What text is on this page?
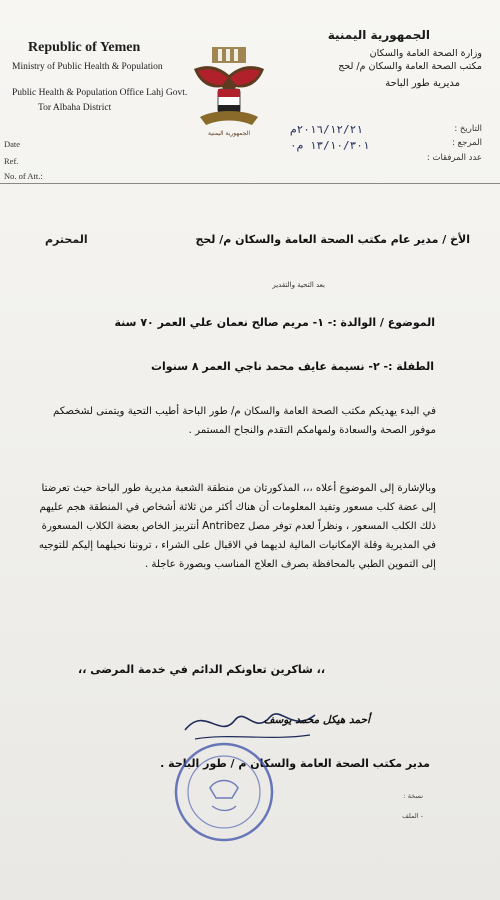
Republic of Yemen
Ministry of Public Health & Population
Public Health & Population Office Lahj Govt.
Tor Albaha District
Date
Ref.
No. of Att.:
الجمهورية اليمنية
الجمهورية اليمنية
وزارة الصحة العامة والسكان
مكتب الصحة العامة والسكان م/ لحج
مديرية طور الباحة
التاريخ :
المرجع :
عدد المرفقات :
٢٠١٦/١٢/٢١م
١٣/١٠/٣٠١ م٠
الأخ / مدير عام مكتب الصحة العامة والسكان م/ لحج
المحترم
بعد التحية والتقدير
الموضوع / الوالدة :- ١- مريم صالح نعمان علي العمر ٧٠ سنة
الطفلة :- ٢- نسيمة عايف محمد ناجي العمر ٨ سنوات
في البدء يهديكم مكتب الصحة العامة والسكان م/ طور الباحة أطيب التحية ويتمنى لشخصكم موفور الصحة والسعادة ولمهامكم التقدم والنجاح المستمر .
وبالإشارة إلى الموضوع أعلاه ،،، المذكورتان من منطقة الشعبة مديرية طور الباحة حيث تعرضتا إلى عضة كلب مسعور وتفيد المعلومات أن هناك أكثر من ثلاثة أشخاص في المنطقة هجم عليهم ذلك الكلب المسعور ، ونظراً لعدم توفر مصل Antribez أنتربيز الخاص بعضة الكلاب المسعورة في المديرية وقلة الإمكانيات المالية لديهما في الاقبال على الشراء ، تروننا نحيلهما إليكم للتوجيه إلى التموين الطبي بالمحافظة بصرف العلاج المناسب وبصورة عاجلة .
،، شاكرين تعاونكم الدائم في خدمة المرضى ،،
أحمد هيكل محمد يوسف
مدير مكتب الصحة العامة والسكان م / طور الباحة .
نسخة :
- الملف
